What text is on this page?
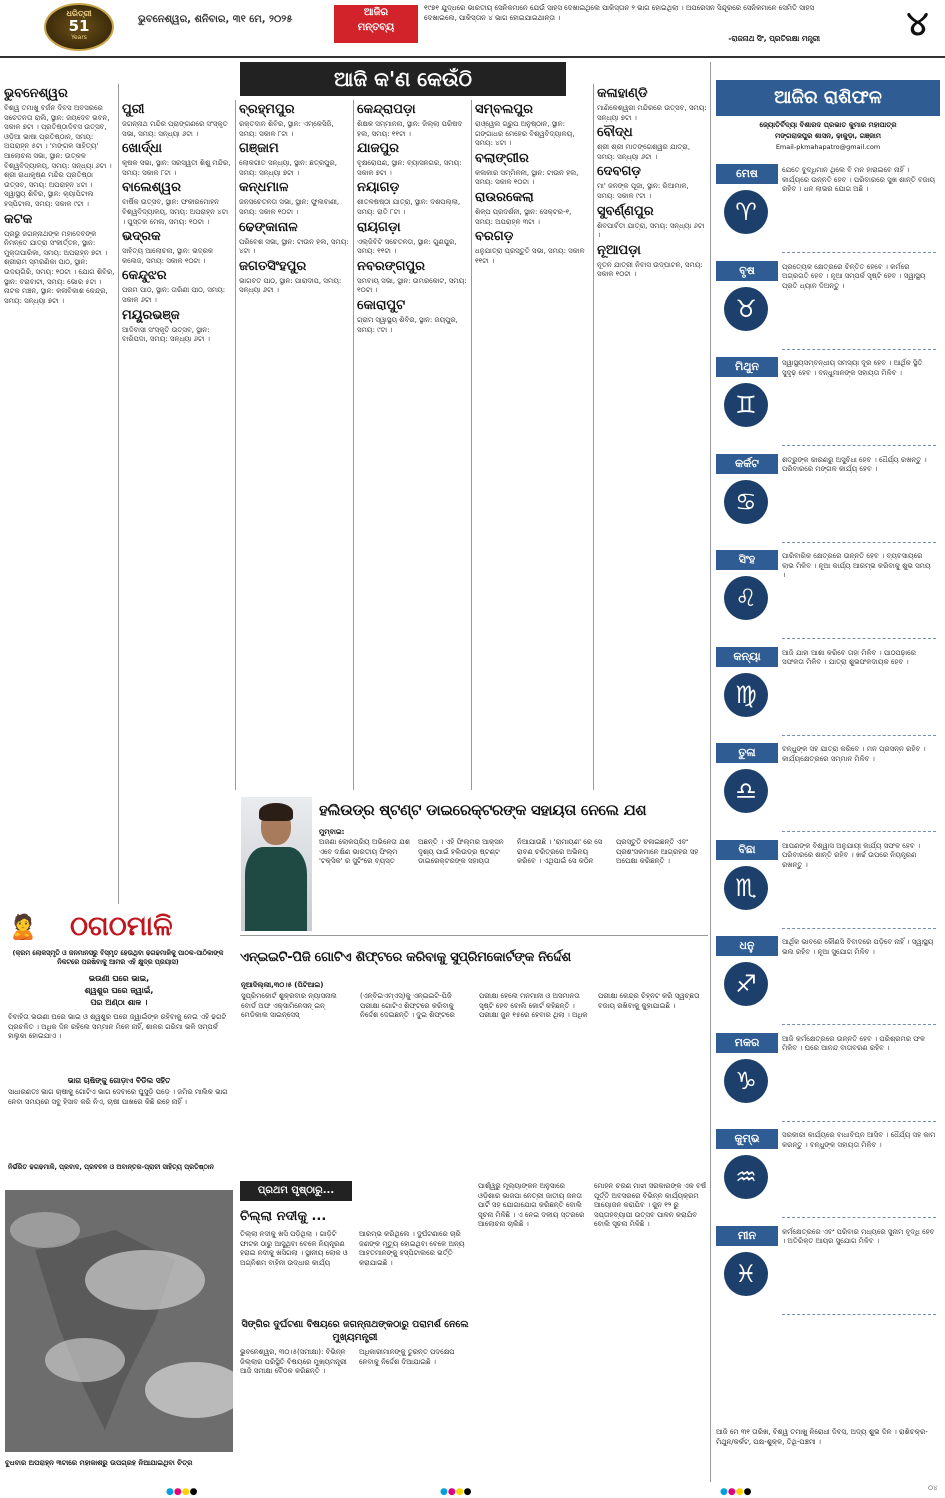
ଧରିତ୍ରୀ
51
Years
ଭୁବନେଶ୍ୱର, ଶନିବାର, ୩୧ ମେ, ୨୦୨୫
ଆଜିର
ମନ୍ତବ୍ୟ
୧୯୭୧ ଯୁଦ୍ଧରେ ଭାରତୀୟ ସେନିକମାନେ ଯେଉଁ ସାହସ ଦେଖାଇଥିଲେ ପାକିସ୍ତାନ ୨ ଭାଗ ହୋଇଥିଲା । ଅପରେସନ ସିନ୍ଦୂରରେ ସେନିକମାନେ ସେମିତି ସାହସ ଦେଖାଇଲେ, ପାକିସ୍ତାନ ୪ ଭାଗ ହୋଇଯାଇଥାନ୍ତା ।
-ରାଜନାଥ ସିଂ, ପ୍ରତିରକ୍ଷା ମନ୍ତ୍ରୀ	୪
ଆଜି କ'ଣ କେଉଁଠି
ଭୁବନେଶ୍ୱର
ବିଶ୍ୱ ତମାଖୁ ବର୍ଜନ ଦିବସ ଅବସରରେ ସଚେତନତା ରାଲି, ସ୍ଥାନ: ଜୟଦେବ ଭବନ, ସକାଳ ୭ଟା । ପ୍ରତିଷ୍ଠାଦିବସ ଉତ୍ସବ, ଓଡ଼ିଆ ଭାଷା ପ୍ରତିଷ୍ଠାନ, ସମୟ: ଅପରାହ୍ନ ୫ଟା । 'ମଙ୍ଗଳ ସାହିତ୍ୟ' ଆଲୋଚନା ସଭା, ସ୍ଥାନ: ଉତ୍କଳ ବିଶ୍ୱବିଦ୍ୟାଳୟ, ସମୟ: ସନ୍ଧ୍ୟା ୬ଟା । ଶ୍ରୀ ରାଧାକୃଷ୍ଣ ମନ୍ଦିର ପ୍ରତିଷ୍ଠା ଉତ୍ସବ, ସମୟ: ଅପରାହ୍ନ ୪ଟା । ସ୍ୱାସ୍ଥ୍ୟ ଶିବିର, ସ୍ଥାନ: କ୍ୟାପିଟାଲ ହସ୍ପିଟାଲ, ସମୟ: ସକାଳ ୯ଟା ।
କଟକ
ପ୍ରଭୁ ଜଗନ୍ନାଥଙ୍କ ମହାଦେବଙ୍କ ନିମନ୍ତେ ଯାତ୍ରା ସଂକୀର୍ତ୍ତନ, ସ୍ଥାନ: ମୁକ୍ତାପାରିକା, ସମୟ: ଅପରାହ୍ନ ୭ଟା । ଶ୍ରୀରାମ ସ୍ମରଣିକା ପାଠ, ସ୍ଥାନ: ଉଦୟଗିରି, ସମୟ: ୧୦ଟା । ଯୋଗ ଶିବିର, ସ୍ଥାନ: ବରାବାଟୀ, ସମୟ: ଭୋର ୫ଟା । ନାଟକ ମଞ୍ଚନ, ସ୍ଥାନ: କଳାବିକାଶ କେନ୍ଦ୍ର, ସମୟ: ସନ୍ଧ୍ୟା ୭ଟା ।
ପୁରୀ
ଜଗନ୍ନାଥ ମନ୍ଦିର ପ୍ରାଙ୍ଗଣରେ ସଂସ୍କୃତ ସଭା, ସମୟ: ସନ୍ଧ୍ୟା ୬ଟା ।
ଖୋର୍ଦ୍ଧା
କୃଷକ ସଭା, ସ୍ଥାନ: ସରସ୍ୱତୀ ଶିଶୁ ମନ୍ଦିର, ସମୟ: ସକାଳ ୮ଟା ।
ବାଲେଶ୍ୱର
ବାର୍ଷିକ ଉତ୍ସବ, ସ୍ଥାନ: ଫକୀରମୋହନ ବିଶ୍ୱବିଦ୍ୟାଳୟ, ସମୟ: ଅପରାହ୍ନ ୪ଟା । ପୁସ୍ତକ ମେଳା, ସମୟ: ୧୦ଟା ।
ଭଦ୍ରକ
ସାହିତ୍ୟ ଆଲୋଚନା, ସ୍ଥାନ: ଭଦ୍ରକ କଲେଜ, ସମୟ: ସକାଳ ୧୦ଟା ।
କେନ୍ଦୁଝର
ପରମ ପାଠ, ସ୍ଥାନ: ତାରିଣୀ ପୀଠ, ସମୟ: ସକାଳ ୬ଟା ।
ମୟୂରଭଞ୍ଜ
ଆଦିବାସୀ ସଂସ୍କୃତି ଉତ୍ସବ, ସ୍ଥାନ: ବାରିପଦା, ସମୟ: ସନ୍ଧ୍ୟା ୬ଟା ।
ବ୍ରହ୍ମପୁର
ରକ୍ତଦାନ ଶିବିର, ସ୍ଥାନ: ଏମ୍‌କେସିଜି, ସମୟ: ସକାଳ ୮ଟା ।
ଗଞ୍ଜାମ
ଲୋକଗୀତ ସନ୍ଧ୍ୟା, ସ୍ଥାନ: ଛତ୍ରପୁର, ସମୟ: ସନ୍ଧ୍ୟା ୭ଟା ।
କନ୍ଧମାଳ
ଜନସଚେତନତା ସଭା, ସ୍ଥାନ: ଫୁଲବାଣୀ, ସମୟ: ସକାଳ ୧୦ଟା ।
ଢେଙ୍କାନାଳ
ପରିବେଶ ସଭା, ସ୍ଥାନ: ଟାଉନ ହଲ, ସମୟ: ୪ଟା ।
ଜଗତସିଂହପୁର
ଭାଗବତ ପାଠ, ସ୍ଥାନ: ପାରାଦୀପ, ସମୟ: ସନ୍ଧ୍ୟା ୬ଟା ।
କେନ୍ଦ୍ରାପଡ଼ା
ଶିକ୍ଷକ ସମ୍ମାନନା, ସ୍ଥାନ: ଜିଲ୍ଲା ପରିଷଦ ହଲ, ସମୟ: ୧୧ଟା ।
ଯାଜପୁର
ବୃକ୍ଷରୋପଣ, ସ୍ଥାନ: ବ୍ୟାସନଗର, ସମୟ: ସକାଳ ୭ଟା ।
ନୟାଗଡ଼
ଶୀତଳଷଷ୍ଠୀ ଯାତ୍ରା, ସ୍ଥାନ: ଦଶପଲ୍ଲା, ସମୟ: ରାତି ୮ଟା ।
ରାୟଗଡ଼ା
ଏଲ୍‌ଜିବିଟି ସଚେତନତା, ସ୍ଥାନ: ଗୁଣପୁର, ସମୟ: ୧୧ଟା ।
ନବରଙ୍ଗପୁର
ସମବାୟ ସଭା, ସ୍ଥାନ: ଉମରକୋଟ, ସମୟ: ୧୦ଟା ।
କୋରାପୁଟ
ଗ୍ରାମ ସ୍ୱାସ୍ଥ୍ୟ ଶିବିର, ସ୍ଥାନ: ଜୟପୁର, ସମୟ: ୯ଟା ।
ସମ୍ବଲପୁର
ରାଓ୍ୱେଲ ଗ୍ରୁପ ଅନୁଷ୍ଠାନ, ସ୍ଥାନ: ଗଙ୍ଗାଧର ମେହେର ବିଶ୍ୱବିଦ୍ୟାଳୟ, ସମୟ: ୪ଟା ।
ବଲାଙ୍ଗୀର
କଳାକାର ସମ୍ମିଳନୀ, ସ୍ଥାନ: ଟାଉନ ହଲ, ସମୟ: ସକାଳ ୧୦ଟା ।
ରାଉରକେଲା
ଶିଳ୍ପ ପ୍ରଦର୍ଶନୀ, ସ୍ଥାନ: ସେକ୍ଟର-୧, ସମୟ: ଅପରାହ୍ନ ୩ଟା ।
ବରଗଡ଼
ଧନୁଯାତ୍ରା ପ୍ରସ୍ତୁତି ସଭା, ସମୟ: ସକାଳ ୧୧ଟା ।
କଳାହାଣ୍ଡି
ମାଣିକେଶ୍ୱରୀ ମନ୍ଦିରରେ ଉତ୍ସବ, ସମୟ: ସନ୍ଧ୍ୟା ୭ଟା ।
ବୌଦ୍ଧ
ଶ୍ରୀ ଶ୍ରୀ ମାତଙ୍ଗେଶ୍ୱର ଯାତ୍ରା, ସମୟ: ସନ୍ଧ୍ୟା ୬ଟା ।
ଦେବଗଡ଼
ମା' ଜନଙ୍କ ପୂଜା, ସ୍ଥାନ: ରିଆମାଳ, ସମୟ: ସକାଳ ୯ଟା ।
ସୁବର୍ଣ୍ଣପୁର
ଶିବପାର୍ବତୀ ଯାତ୍ରା, ସମୟ: ସନ୍ଧ୍ୟା ୬ଟା ।
ନୂଆପଡ଼ା
ନୂତନ ଯାତ୍ରୀ ନିବାସ ଉଦ୍‌ଘାଟନ, ସମୟ: ସକାଳ ୧୦ଟା ।
ହଲିଉଡ୍‌ର ଷ୍ଟଣ୍ଟ ଡାଇରେକ୍ଟରଙ୍କ ସହାୟତା ନେଲେ ଯଶ
ମୁମ୍ବାଇ:
ଅଜଣା ଲୋକପ୍ରିୟ ଅଭିନେତା ଯଶ ଏବେ ଦକ୍ଷିଣ ଭାରତୀୟ ଫିଲ୍ମ 'ଟକ୍ସିକ' ର ସୁଟିଂରେ ବ୍ୟସ୍ତ ଅଛନ୍ତି । ଏହି ଫିଲ୍ମର ଆକ୍ସନ ଦୃଶ୍ୟ ପାଇଁ ହଲିଉଡ୍‌ର ଷ୍ଟଣ୍ଟ ଡାଇରେକ୍ଟରଙ୍କ ସହାୟତା ନିଆଯାଉଛି । 'ରାମାୟଣ' ରେ ସେ ରାବଣ ଚରିତ୍ରରେ ଅଭିନୟ କରିବେ । ଏଥିପାଇଁ ସେ କଠିନ ପ୍ରସ୍ତୁତି ଚଳାଇଛନ୍ତି ଏବଂ ପ୍ରଶଂସକମାନେ ଆଗ୍ରହର ସହ ଅପେକ୍ଷା କରିଛନ୍ତି ।
ଏନ୍‌ଇଇଟି-ପିଜି ଗୋଟିଏ ଶିଫ୍ଟରେ କରିବାକୁ ସୁପ୍ରିମକୋର୍ଟଙ୍କ ନିର୍ଦ୍ଦେଶ
ନୂଆଦିଲ୍ଲୀ,୩୦।୫ (ପିଟିଆଇ)
ସୁପ୍ରିମକୋର୍ଟ ଶୁକ୍ରବାର ନ୍ୟାସନାଲ ବୋର୍ଡ ଅଫ ଏକ୍ସାମିନେସନ୍ ଇନ୍ ମେଡିକାଲ ସାଇନ୍ସେସ୍ (ଏନ୍‌ବିଇଏମ୍‌ଏସ୍)କୁ ଏନ୍‌ଇଇଟି-ପିଜି ପରୀକ୍ଷା ଗୋଟିଏ ଶିଫ୍ଟରେ କରିବାକୁ ନିର୍ଦ୍ଦେଶ ଦେଇଛନ୍ତି । ଦୁଇ ଶିଫ୍ଟରେ ପରୀକ୍ଷା ହେଲେ ମନମାନୀ ଓ ଅସମାନତା ସୃଷ୍ଟି ହେବ ବୋଲି କୋର୍ଟ କହିଛନ୍ତି । ପରୀକ୍ଷା ଜୁନ ୧୫ରେ ହେବାର ଥିଲା । ଅଧିକ ପରୀକ୍ଷା କେନ୍ଦ୍ର ଚିହ୍ନଟ କରି ସ୍ୱଚ୍ଛତା ବଜାୟ ରଖିବାକୁ କୁହାଯାଇଛି ।
🙎	ଠଗଠମାଳି
(କ୍ରମ ଲୋକସ୍ମୃତି ଓ ଜନମାନସରୁ ବିସ୍ମୃତ ହେଉଥିବା ଢଗଢମାଳିକୁ ପାଠକ-ପାଠିକାଙ୍କ ନିକଟରେ ପରଷିବାକୁ ଆମର ଏହି କ୍ଷୁଦ୍ର ପ୍ରୟାସ)
ଭଉଣୀ ଘରେ ଭାଇ,
ଶ୍ୱଶୁର ଘରେ ଜ୍ୱାଇଁ,
ପର ଅଣ୍ଠା ଶାଳ ।
ବିବାହିତା ଭଉଣୀ ଘରେ ଭାଇ ଓ ଶ୍ୱଶୁର ଘରେ ଜ୍ୱାଇଁଙ୍କ ରହିବାକୁ ନେଇ ଏହି ଢଗଟି ପ୍ରଚଳିତ । ଅଧିକ ଦିନ ରହିଲେ ସମ୍ମାନ ମିଳେ ନାହିଁ, ଶାଳର ଗରିମା ଭଳି ସମ୍ପର୍କ ହାଲୁକା ହୋଇଯାଏ ।
ଭାଗ ଚାଷିଙ୍କୁ ଗୋଡ଼ାଏ ବିଡିଲ ସହିତ
ସାଧାରଣତଃ ଭାଗ ଚାଷୀକୁ ଗୋଟିଏ ଭାଗ ଦେବାରେ ଘୁସୁଡ଼ି ପଡ଼େ । ଜମିର ମାଲିକ ଭାଗ ନେବା ସମୟରେ ସବୁ ହିସାବ କରି ନିଏ, ଚାଷୀ ପାଖରେ କିଛି ରହେ ନାହିଁ ।
ନିର୍ଭରିତ ଢଗଢମାଳି, ପ୍ରବାଦ, ପ୍ରବଚନ ଓ ଅବାନ୍ତର-ପ୍ରାଚୀ ସାହିତ୍ୟ ପ୍ରତିଷ୍ଠାନ
ବୁଧବାର ଅପରାହ୍ନ ୩ଟାରେ ମହାକାଶରୁ ଉପଗ୍ରହ ନିଆଯାଇଥିବା ଚିତ୍ର
ପ୍ରଥମ ପୃଷ୍ଠାରୁ...
ଚିଲ୍ଲା ନଦୀକୁ ...
ତିଲ୍ଲା ନଦୀକୁ ଖସି ପଡ଼ିଥିଲା । ଗାଡ଼ିଟି ଫାଟକ ଠାରୁ ଆସୁଥିବା ବେଳେ ନିୟନ୍ତ୍ରଣ ହରାଇ ନଦୀକୁ ଖସିଗଲା । ସ୍ଥାନୀୟ ଲୋକ ଓ ଅଗ୍ନିଶମ ବାହିନୀ ଉଦ୍ଧାର କାର୍ଯ୍ୟ ଆରମ୍ଭ କରିଥିଲେ । ଦୁର୍ଘଟଣାରେ ଚାରି ଜଣଙ୍କ ମୃତ୍ୟୁ ହୋଇଥିବା ବେଳେ ଅନ୍ୟ ଆହତମାନଙ୍କୁ ହସ୍ପିଟାଲରେ ଭର୍ତ୍ତି କରାଯାଇଛି ।
ସିଙ୍ଗିର ଦୁର୍ଘଟଣା ବିଷୟରେ ଜଗନ୍ନାଥଙ୍କଠାରୁ ପରାମର୍ଶ ନେଲେ ମୁଖ୍ୟମନ୍ତ୍ରୀ
ଭୁବନେଶ୍ୱର, ୩୦।୫(ସମୀକ୍ଷା): ବିଭିନ୍ନ ଜିଲ୍ଲାର ପରିସ୍ଥିତି ବିଷୟରେ ମୁଖ୍ୟମନ୍ତ୍ରୀ ଆଜି ସମୀକ୍ଷା ବୈଠକ କରିଛନ୍ତି । ଅଧିକାରୀମାନଙ୍କୁ ତୁରନ୍ତ ପଦକ୍ଷେପ ନେବାକୁ ନିର୍ଦ୍ଦେଶ ଦିଆଯାଇଛି ।
ପାର୍ଶ୍ୱରୁ ମୂଲ୍ୟାଙ୍କନ ଅନୁସାରେ ଓଡ଼ିଶାର ଭାଜପା ନେତ୍ରୀ ଜାତୀୟ ଜନତା ପାର୍ଟି ସହ ଯୋଗାଯୋଗ କରିଛନ୍ତି ବୋଲି ସୂଚନା ମିଳିଛି । ଏ ନେଇ ଦଳୀୟ ସ୍ତରରେ ଆଲୋଚନା ଚାଲିଛି ।
ମୋହନ ଚରଣ ମାଝୀ ସରକାରଙ୍କ ଏକ ବର୍ଷ ପୂର୍ତ୍ତି ଅବସରରେ ବିଭିନ୍ନ କାର୍ଯ୍ୟକ୍ରମ ଆୟୋଜନ କରାଯିବ । ଜୁନ ୧୨ ରୁ ସପ୍ତାହବ୍ୟାପୀ ଉତ୍ସବ ପାଳନ କରାଯିବ ବୋଲି ସୂଚନା ମିଳିଛି ।
ଆଜିର ରାଶିଫଳ
ଜ୍ୟୋତିର୍ବିଦ୍ୟା ବିଶାରଦ ପ୍ରଭାତ କୁମାର ମହାପାତ୍ର
ମଙ୍ଗରାଜପୁର ଶାସନ, ଢ଼ାକୁଡ଼ା, ଗଞ୍ଜାମ
Email-pkmahapatro@gmail.com
ମେଷ
♈
ଯେତେ ବୁଦ୍ଧିମାନ ଥିଲେ ବି ମନ ହାରାଇବେ ନାହିଁ । କାର୍ଯ୍ୟରେ ଉନ୍ନତି ହେବ । ପରିବାରରେ ସୁଖ ଶାନ୍ତି ବଜାୟ ରହିବ । ଧନ ଲାଭର ଯୋଗ ଅଛି ।
ବୃଷ
♉
ପ୍ରତ୍ୟେକ କ୍ଷେତ୍ରରେ ଚିନ୍ତିତ ହେବେ । କର୍ମରେ ଅଗ୍ରଗତି ହେବ । ନୂଆ ସମ୍ପର୍କ ସୃଷ୍ଟି ହେବ । ସ୍ୱାସ୍ଥ୍ୟ ପ୍ରତି ଧ୍ୟାନ ଦିଅନ୍ତୁ ।
ମିଥୁନ
♊
ସ୍ୱାସ୍ଥ୍ୟସମ୍ବନ୍ଧୀୟ ସମସ୍ୟା ଦୂର ହେବ । ଆର୍ଥିକ ସ୍ଥିତି ସୁଦୃଢ଼ ହେବ । ବନ୍ଧୁମାନଙ୍କ ସହାୟତା ମିଳିବ ।
କର୍କଟ
♋
ଶତ୍ରୁଙ୍କ କାରଣରୁ ଅସୁବିଧା ହେବ । ଧୈର୍ଯ୍ୟ ରଖନ୍ତୁ । ପରିବାରରେ ମଙ୍ଗଳ କାର୍ଯ୍ୟ ହେବ ।
ସିଂହ
♌
ପାରିବାରିକ କ୍ଷେତ୍ରରେ ଉନ୍ନତି ହେବ । ବ୍ୟବସାୟରେ ଲାଭ ମିଳିବ । ନୂଆ କାର୍ଯ୍ୟ ଆରମ୍ଭ କରିବାକୁ ଶୁଭ ସମୟ ।
କନ୍ୟା
♍
ଆଜି ଯାହା ଆଶା କରିବେ ତାହା ମିଳିବ । ପାଠପଢ଼ାରେ ସଫଳତା ମିଳିବ । ଯାତ୍ରା ଶୁଭଫଳଦାୟକ ହେବ ।
ତୁଳା
♎
ବନ୍ଧୁଙ୍କ ସହ ଯାତ୍ରା କରିବେ । ମନ ପ୍ରସନ୍ନ ରହିବ । କାର୍ଯ୍ୟକ୍ଷେତ୍ରରେ ସମ୍ମାନ ମିଳିବ ।
ବିଛା
♏
ଆପଣଙ୍କ ବିଶ୍ୱାସ ଅନୁଯାୟୀ କାର୍ଯ୍ୟ ସଫଳ ହେବ । ପରିବାରରେ ଶାନ୍ତି ରହିବ । ଖର୍ଚ୍ଚ ଉପରେ ନିୟନ୍ତ୍ରଣ ରଖନ୍ତୁ ।
ଧନୁ
♐
ଆର୍ଥିକ ଭାବରେ କୌଣସି ବିବାଦରେ ପଡ଼ିବେ ନାହିଁ । ସ୍ୱାସ୍ଥ୍ୟ ଭଲ ରହିବ । ନୂଆ ସୁଯୋଗ ମିଳିବ ।
ମକର
♑
ଆଜି କର୍ମକ୍ଷେତ୍ରରେ ଉନ୍ନତି ହେବ । ପରିଶ୍ରମର ଫଳ ମିଳିବ । ଘରେ ଆନନ୍ଦ ବାତାବରଣ ରହିବ ।
କୁମ୍ଭ
♒
ସରକାରୀ କାର୍ଯ୍ୟରେ ବାଧାବିଘ୍ନ ଆସିବ । ଧୈର୍ଯ୍ୟ ସହ କାମ କରନ୍ତୁ । ବନ୍ଧୁଙ୍କ ସହାୟତା ମିଳିବ ।
ମୀନ
♓
କର୍ମକ୍ଷେତ୍ରରେ ଏବଂ ପରିବାର ମଧ୍ୟରେ ସୁନାମ ବୃଦ୍ଧି ହେବ । ଅତିରିକ୍ତ ଆୟର ସୁଯୋଗ ମିଳିବ ।
ଆଜି ମେ ୩୧ ତାରିଖ, ବିଶ୍ୱ ତମାଖୁ ନିରୋଧୀ ଦିବସ, ଅଦ୍ୟ ଶୁଭ ଦିନ । ରାଶିଚକ୍ର-ମିଥୁନ/କର୍କଟ, ପକ୍ଷ-ଶୁକ୍ଳ, ତିଥି-ପଞ୍ଚମୀ ।
●●●●	●●●●	●●●●	୦୪
